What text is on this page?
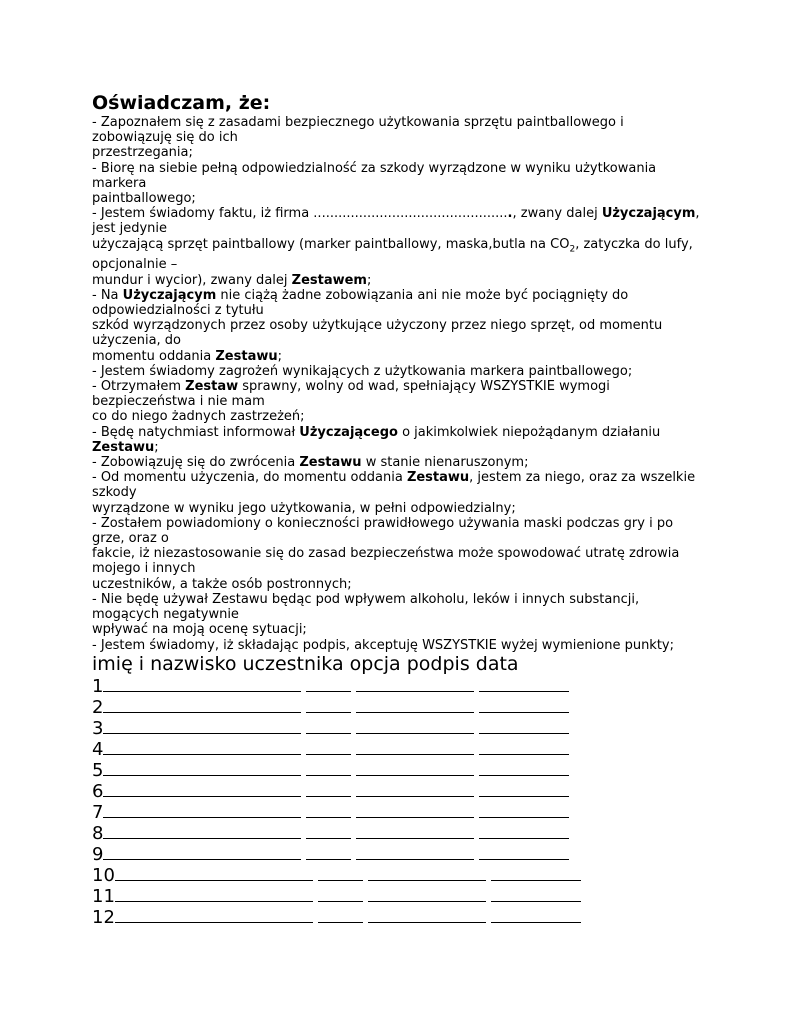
Oświadczam, że:
- Zapoznałem się z zasadami bezpiecznego użytkowania sprzętu paintballowego i
zobowiązuję się do ich
przestrzegania;
- Biorę na siebie pełną odpowiedzialność za szkody wyrządzone w wyniku użytkowania
markera
paintballowego;
- Jestem świadomy faktu, iż firma ................................................, zwany dalej Użyczającym,
jest jedynie
użyczającą sprzęt paintballowy (marker paintballowy, maska,butla na $CO_2$, zatyczka do lufy,
opcjonalnie –
mundur i wycior), zwany dalej Zestawem;
- Na Użyczającym nie ciążą żadne zobowiązania ani nie może być pociągnięty do
odpowiedzialności z tytułu
szkód wyrządzonych przez osoby użytkujące użyczony przez niego sprzęt, od momentu
użyczenia, do
momentu oddania Zestawu;
- Jestem świadomy zagrożeń wynikających z użytkowania markera paintballowego;
- Otrzymałem Zestaw sprawny, wolny od wad, spełniający WSZYSTKIE wymogi
bezpieczeństwa i nie mam
co do niego żadnych zastrzeżeń;
- Będę natychmiast informował Użyczającego o jakimkolwiek niepożądanym działaniu
Zestawu;
- Zobowiązuję się do zwrócenia Zestawu w stanie nienaruszonym;
- Od momentu użyczenia, do momentu oddania Zestawu, jestem za niego, oraz za wszelkie
szkody
wyrządzone w wyniku jego użytkowania, w pełni odpowiedzialny;
- Zostałem powiadomiony o konieczności prawidłowego używania maski podczas gry i po
grze, oraz o
fakcie, iż niezastosowanie się do zasad bezpieczeństwa może spowodować utratę zdrowia
mojego i innych
uczestników, a także osób postronnych;
- Nie będę używał Zestawu będąc pod wpływem alkoholu, leków i innych substancji,
mogących negatywnie
wpływać na moją ocenę sytuacji;
- Jestem świadomy, iż składając podpis, akceptuję WSZYSTKIE wyżej wymienione punkty;
imię i nazwisko uczestnika opcja podpis data
1
2
3
4
5
6
7
8
9
10
11
12
